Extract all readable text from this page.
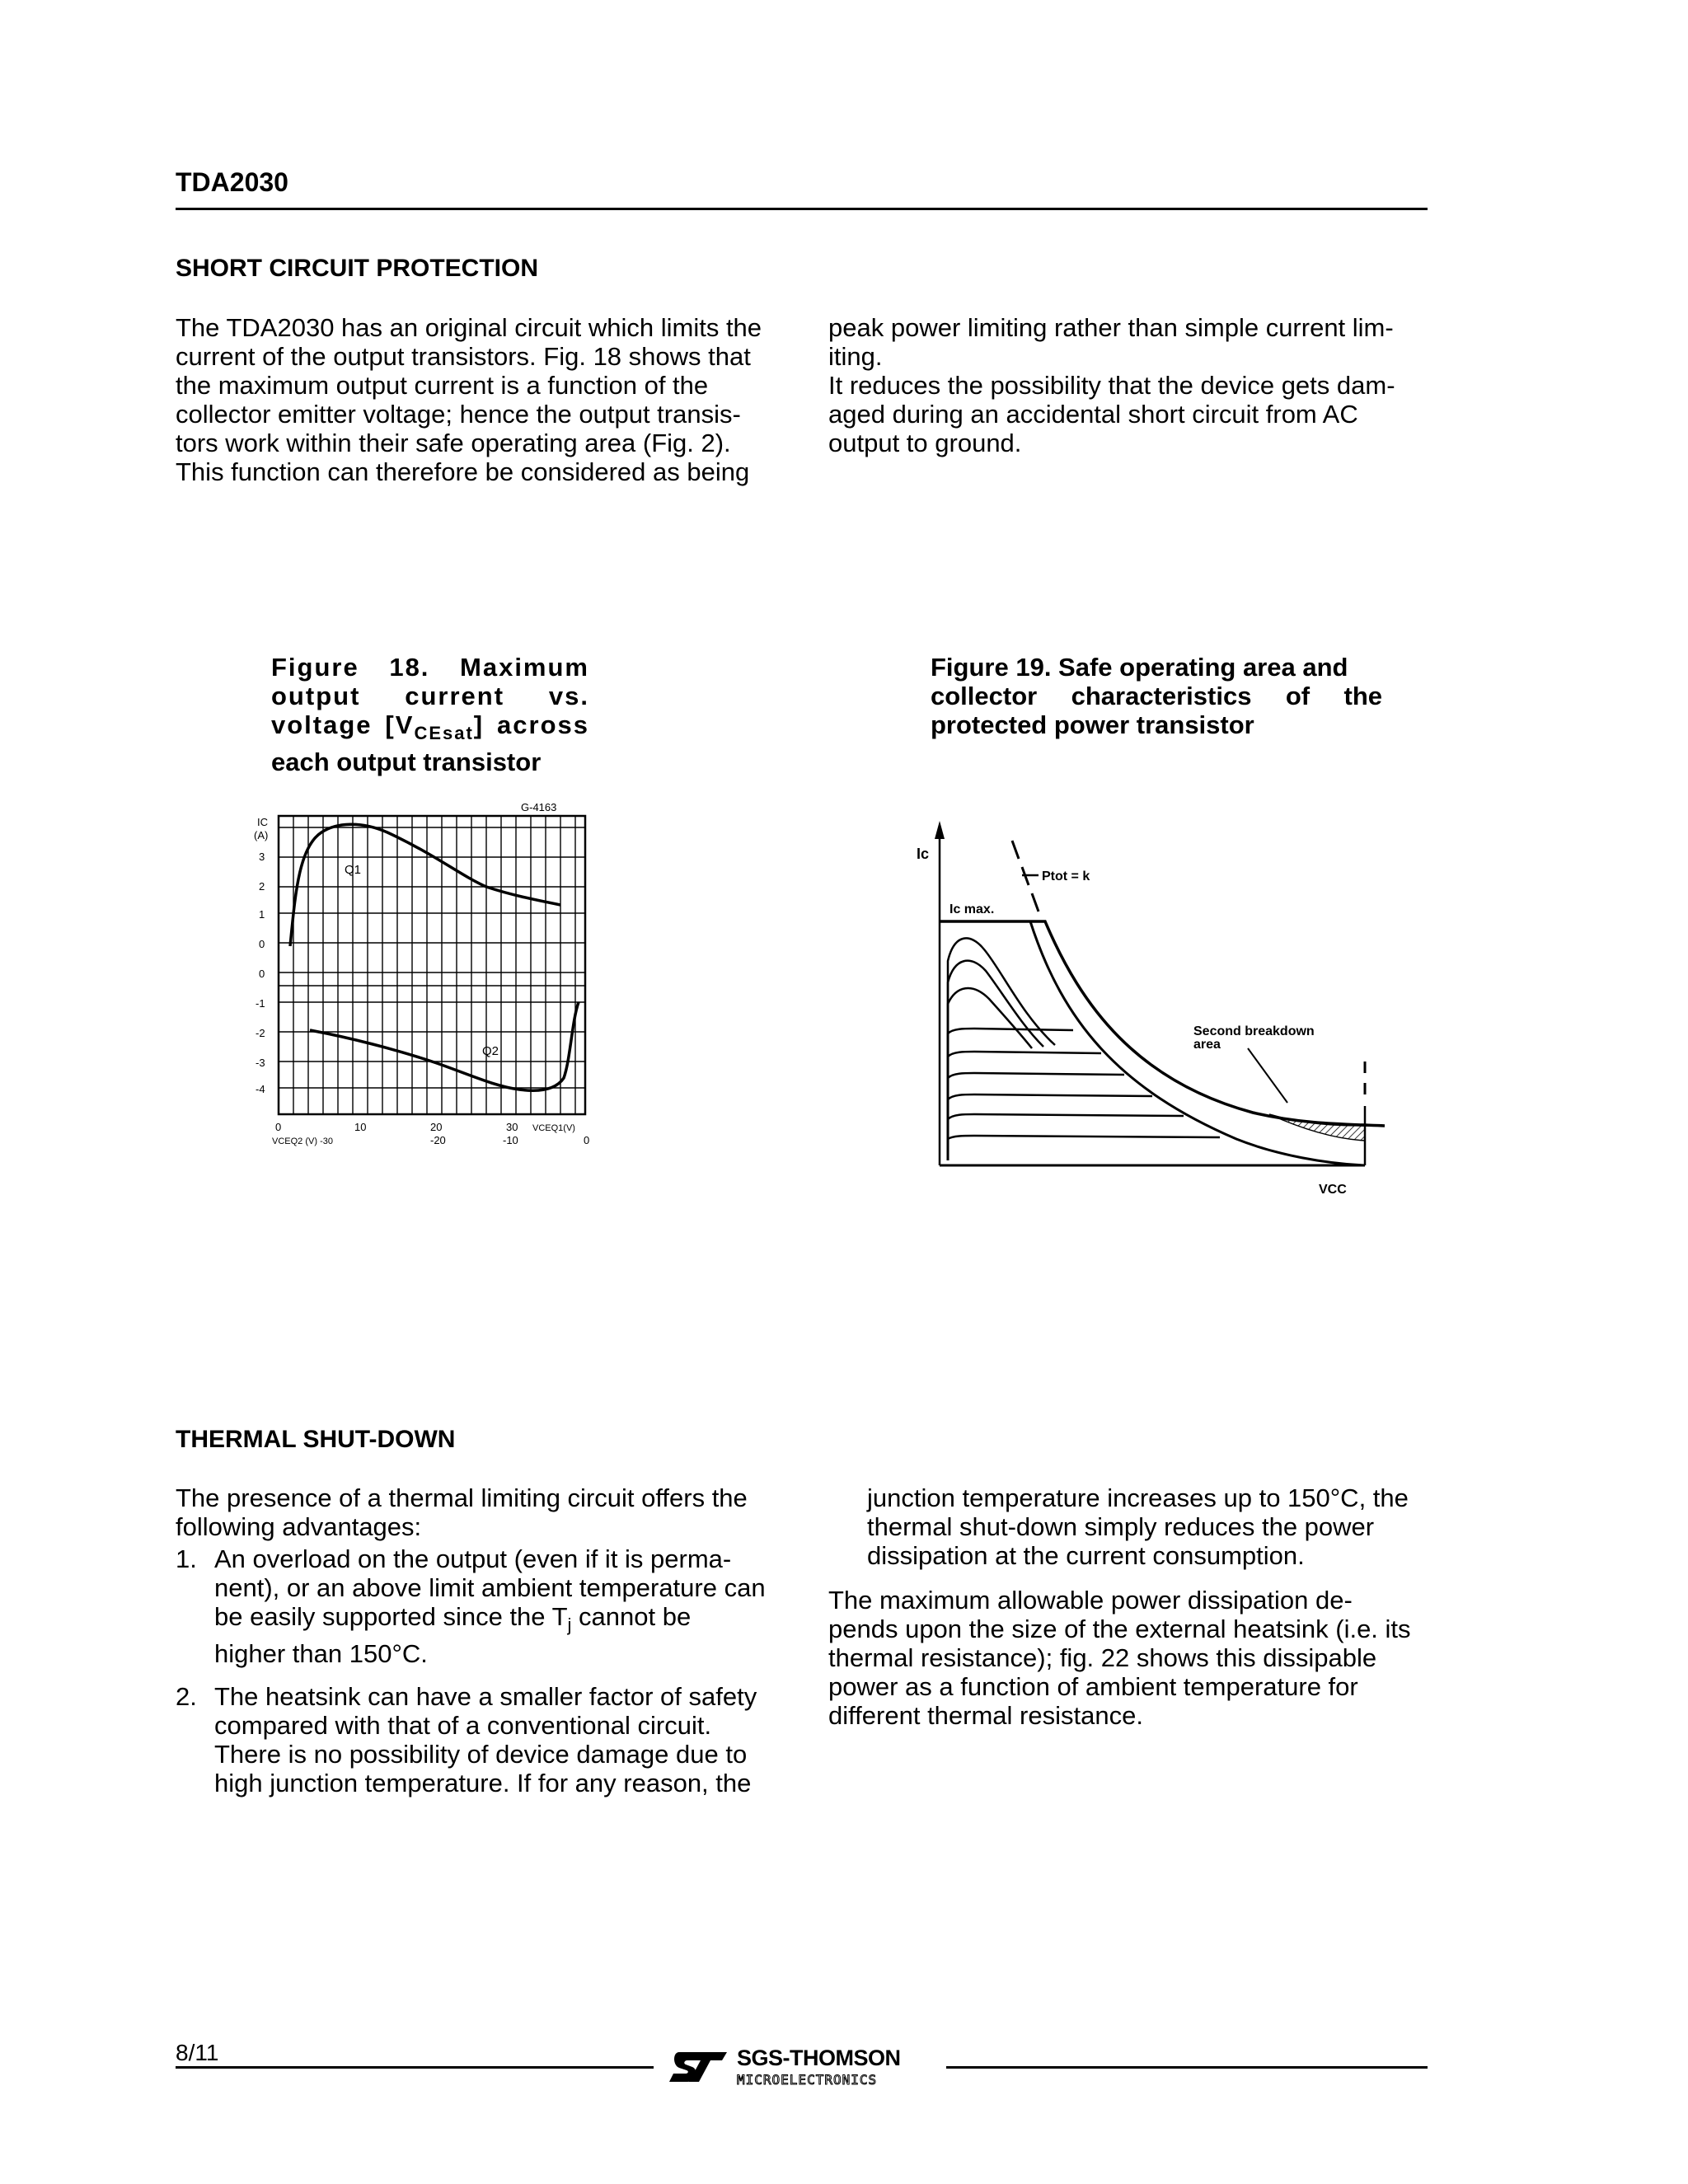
TDA2030
SHORT CIRCUIT PROTECTION
The TDA2030 has an original circuit which limits the
current of the output transistors. Fig. 18 shows that
the maximum output current is a function of the
collector emitter voltage; hence the output transis-
tors work within their safe operating area (Fig. 2).
This function can therefore be considered as being
peak power limiting rather than simple current lim-
iting.
It reduces the possibility that the device gets dam-
aged during an accidental short circuit from AC
output to ground.
Figure 18. Maximum
output current vs.
voltage $[V_{CEsat}]$ across
each output transistor
Figure 19. Safe operating area and
collector characteristics of the
protected power transistor
G-4163
IC
(A)
3
2
1
0
0
-1
-2
-3
-4
Q1
Q2
0	10	20	30 VCEQ1(V)
VCEQ2 (V) -30	-20	-10	0
Ic
Ptot = k
Ic max.
Second breakdown
area
VCC
THERMAL SHUT-DOWN
The presence of a thermal limiting circuit offers the
following advantages:
1. An overload on the output (even if it is perma-
nent), or an above limit ambient temperature can
be easily supported since the $T_j$ cannot be
higher than 150°C.
2. The heatsink can have a smaller factor of safety
compared with that of a conventional circuit.
There is no possibility of device damage due to
high junction temperature. If for any reason, the
junction temperature increases up to 150°C, the
thermal shut-down simply reduces the power
dissipation at the current consumption.
The maximum allowable power dissipation de-
pends upon the size of the external heatsink (i.e. its
thermal resistance); fig. 22 shows this dissipable
power as a function of ambient temperature for
different thermal resistance.
8/11	SGS-THOMSON
MICROELECTRONICS
